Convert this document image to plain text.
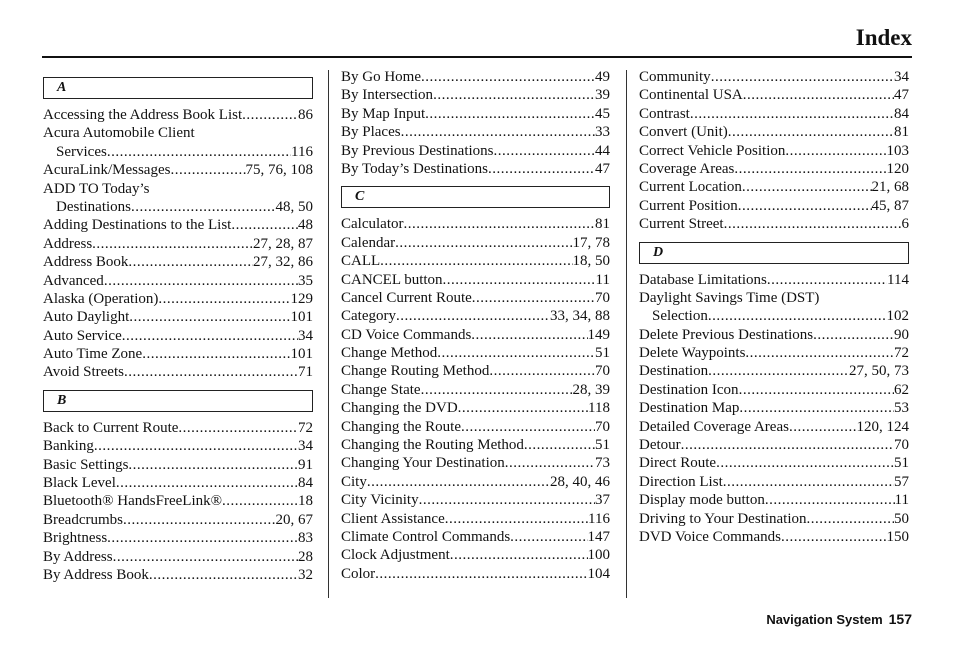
Index
A
Accessing the Address Book List .....	86
Acura Automobile Client
Services .....	116
AcuraLink/Messages .....	75, 76, 108
ADD TO Today’s
Destinations .....	48, 50
Adding Destinations to the List .....	48
Address .....	27, 28, 87
Address Book .....	27, 32, 86
Advanced .....	35
Alaska (Operation) .....	129
Auto Daylight .....	101
Auto Service .....	34
Auto Time Zone .....	101
Avoid Streets .....	71
B
Back to Current Route .....	72
Banking .....	34
Basic Settings .....	91
Black Level .....	84
Bluetooth® HandsFreeLink® .....	18
Breadcrumbs .....	20, 67
Brightness .....	83
By Address .....	28
By Address Book .....	32
By Go Home .....	49
By Intersection .....	39
By Map Input .....	45
By Places .....	33
By Previous Destinations .....	44
By Today’s Destinations .....	47
C
Calculator .....	81
Calendar .....	17, 78
CALL .....	18, 50
CANCEL button .....	11
Cancel Current Route .....	70
Category .....	33, 34, 88
CD Voice Commands .....	149
Change Method .....	51
Change Routing Method .....	70
Change State .....	28, 39
Changing the DVD .....	118
Changing the Route .....	70
Changing the Routing Method .....	51
Changing Your Destination .....	73
City .....	28, 40, 46
City Vicinity .....	37
Client Assistance .....	116
Climate Control Commands .....	147
Clock Adjustment .....	100
Color .....	104
Community .....	34
Continental USA .....	47
Contrast .....	84
Convert (Unit) .....	81
Correct Vehicle Position .....	103
Coverage Areas .....	120
Current Location .....	21, 68
Current Position .....	45, 87
Current Street .....	6
D
Database Limitations .....	114
Daylight Savings Time (DST)
Selection .....	102
Delete Previous Destinations .....	90
Delete Waypoints .....	72
Destination .....	27, 50, 73
Destination Icon .....	62
Destination Map .....	53
Detailed Coverage Areas .....	120, 124
Detour .....	70
Direct Route .....	51
Direction List .....	57
Display mode button .....	11
Driving to Your Destination .....	50
DVD Voice Commands .....	150
Navigation System 157
